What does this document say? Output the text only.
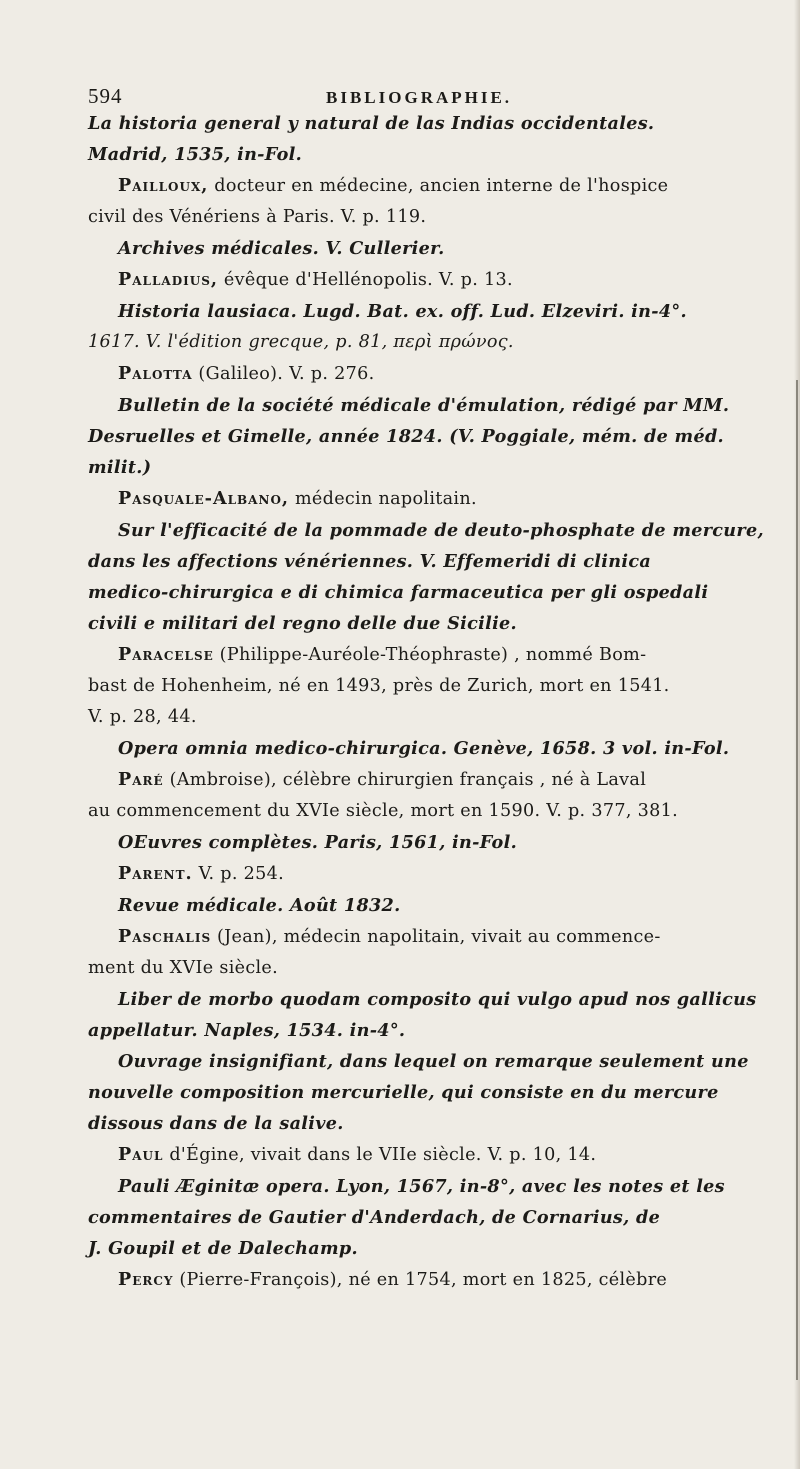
594	BIBLIOGRAPHIE.
La historia general y natural de las Indias occidentales.
Madrid, 1535, in-Fol.
Pailloux, docteur en médecine, ancien interne de l'hospice
civil des Vénériens à Paris. V. p. 119.
Archives médicales. V. Cullerier.
Palladius, évêque d'Hellénopolis. V. p. 13.
Historia lausiaca. Lugd. Bat. ex. off. Lud. Elzeviri. in-4°.
1617. V. l'édition grecque, p. 81, περὶ πρώνος.
Palotta (Galileo). V. p. 276.
Bulletin de la société médicale d'émulation, rédigé par MM.
Desruelles et Gimelle, année 1824. (V. Poggiale, mém. de méd.
milit.)
Pasquale-Albano, médecin napolitain.
Sur l'efficacité de la pommade de deuto-phosphate de mercure,
dans les affections vénériennes. V. Effemeridi di clinica
medico-chirurgica e di chimica farmaceutica per gli ospedali
civili e militari del regno delle due Sicilie.
Paracelse (Philippe-Auréole-Théophraste) , nommé Bom-
bast de Hohenheim, né en 1493, près de Zurich, mort en 1541.
V. p. 28, 44.
Opera omnia medico-chirurgica. Genève, 1658. 3 vol. in-Fol.
Paré (Ambroise), célèbre chirurgien français , né à Laval
au commencement du XVIe siècle, mort en 1590. V. p. 377, 381.
OEuvres complètes. Paris, 1561, in-Fol.
Parent. V. p. 254.
Revue médicale. Août 1832.
Paschalis (Jean), médecin napolitain, vivait au commence-
ment du XVIe siècle.
Liber de morbo quodam composito qui vulgo apud nos gallicus
appellatur. Naples, 1534. in-4°.
Ouvrage insignifiant, dans lequel on remarque seulement une
nouvelle composition mercurielle, qui consiste en du mercure
dissous dans de la salive.
Paul d'Égine, vivait dans le VIIe siècle. V. p. 10, 14.
Pauli Æginitæ opera. Lyon, 1567, in-8°, avec les notes et les
commentaires de Gautier d'Anderdach, de Cornarius, de
J. Goupil et de Dalechamp.
Percy (Pierre-François), né en 1754, mort en 1825, célèbre
